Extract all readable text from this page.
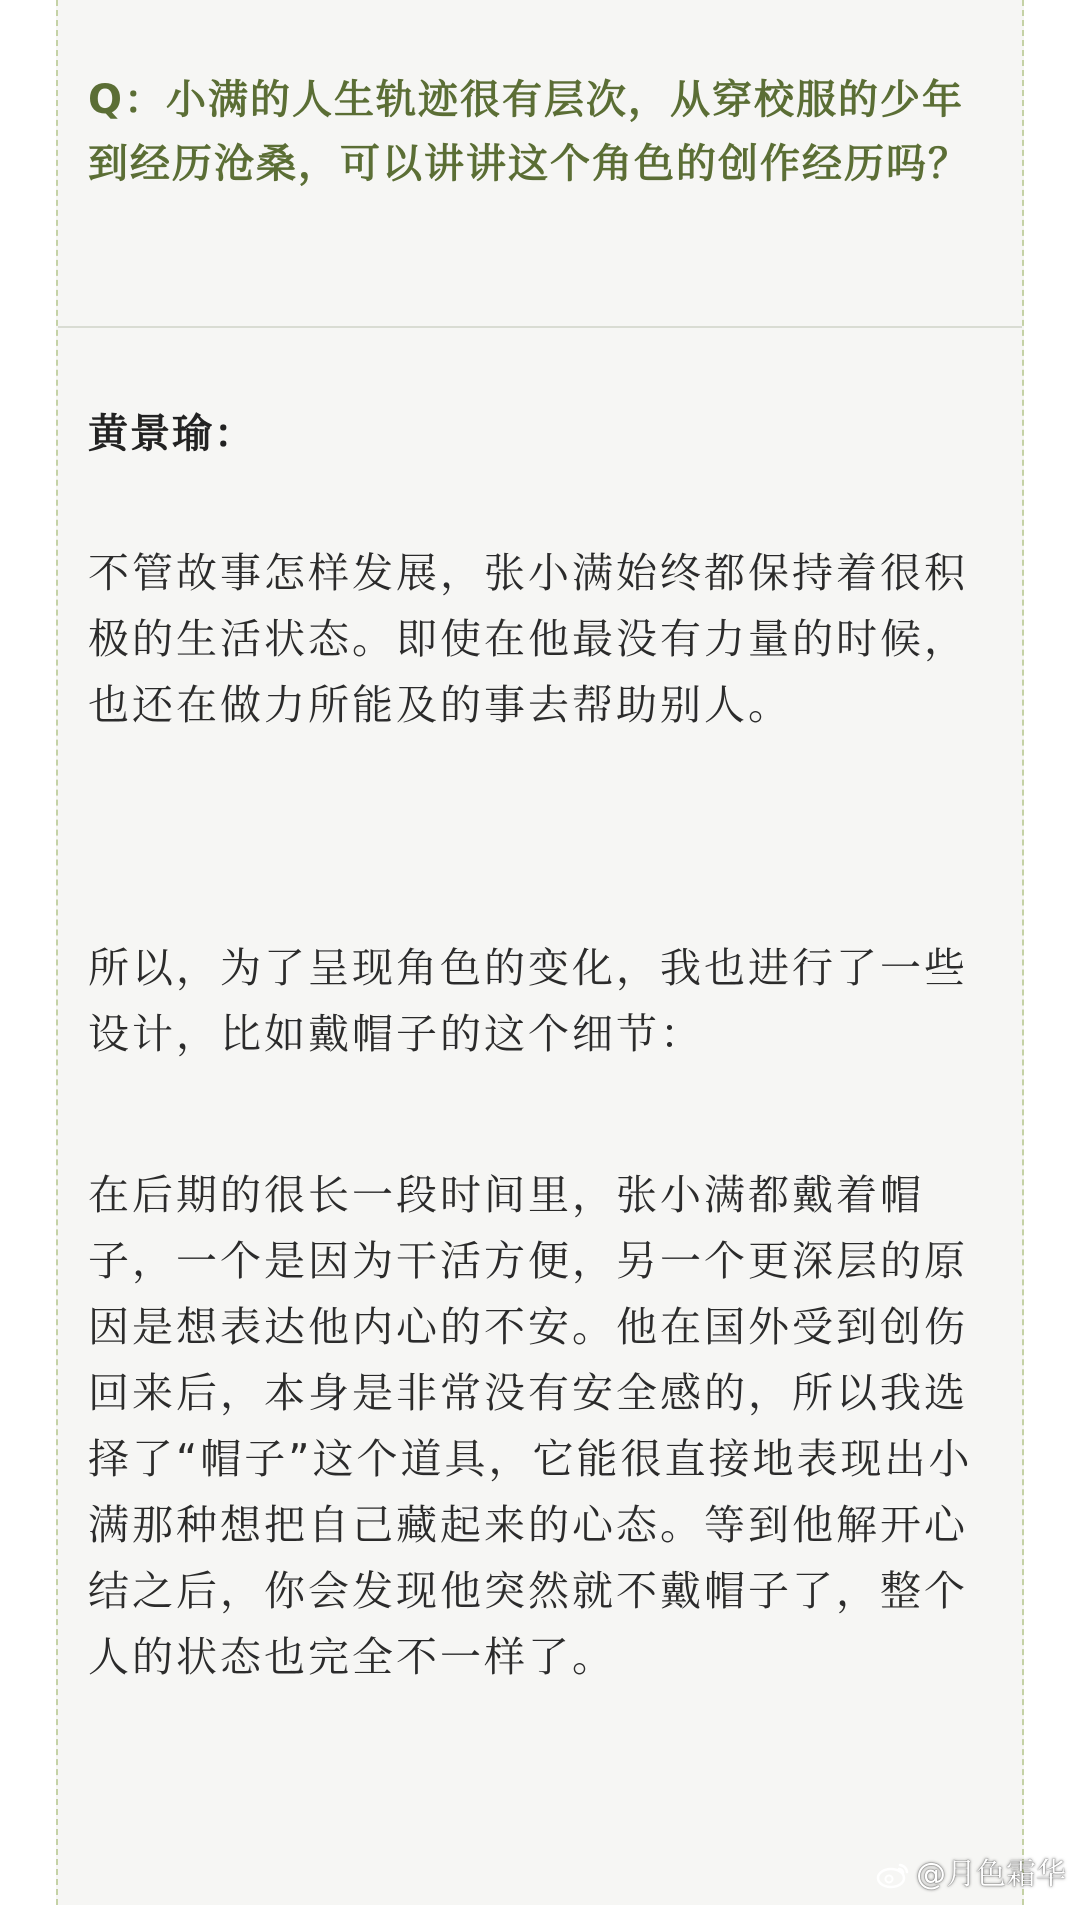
Q：小满的人生轨迹很有层次，从穿校服的少年到经历沧桑，可以讲讲这个角色的创作经历吗？

黄景瑜：

不管故事怎样发展，张小满始终都保持着很积极的生活状态。即使在他最没有力量的时候，也还在做力所能及的事去帮助别人。

所以，为了呈现角色的变化，我也进行了一些设计，比如戴帽子的这个细节：

在后期的很长一段时间里，张小满都戴着帽子，一个是因为干活方便，另一个更深层的原因是想表达他内心的不安。他在国外受到创伤回来后，本身是非常没有安全感的，所以我选择了“帽子”这个道具，它能很直接地表现出小满那种想把自己藏起来的心态。等到他解开心结之后，你会发现他突然就不戴帽子了，整个人的状态也完全不一样了。

@月色霜华
